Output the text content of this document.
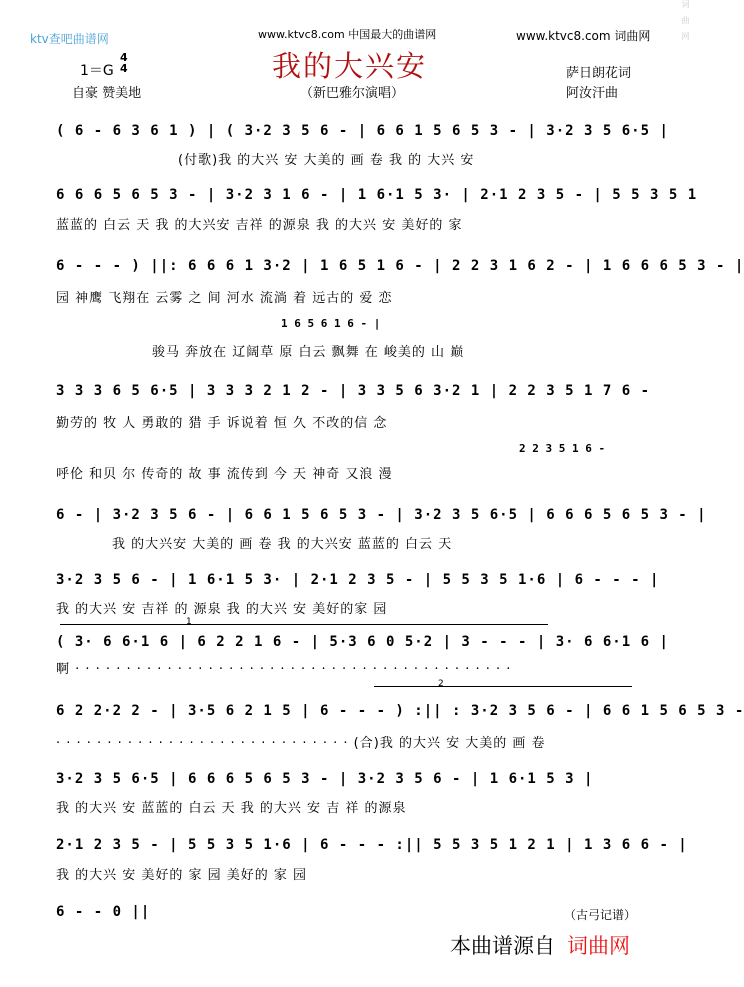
词曲网
ktv查吧曲谱网	www.ktvc8.com 中国最大的曲谱网	www.ktvc8.com 词曲网
我的大兴安
1＝G
4
4
自豪 赞美地	（新巴雅尔演唱）
萨日朗花词
阿汝汗曲
( 6 - 6 3 6 1 ) | ( 3·2 3 5 6 - | 6 6 1 5 6 5 3 - | 3·2 3 5 6·5 |
(付歌)我 的大兴 安 大美的 画 卷 我 的 大兴 安
6 6 6 5 6 5 3 - | 3·2 3 1 6 - | 1 6·1 5 3· | 2·1 2 3 5 - | 5 5 3 5 1
蓝蓝的 白云 天 我 的大兴安 吉祥 的源泉 我 的大兴 安 美好的 家
6 - - - ) ||: 6 6 6 1 3·2 | 1 6 5 1 6 - | 2 2 3 1 6 2 - | 1 6 6 6 5 3 - |
园 神鹰 飞翔在 云雾 之 间 河水 流淌 着 远古的 爱 恋
1 6 5 6 1 6 - |
骏马 奔放在 辽阔草 原 白云 飘舞 在 峻美的 山 巅
3 3 3 6 5 6·5 | 3 3 3 2 1 2 - | 3 3 5 6 3·2 1 | 2 2 3 5 1 7 6 -
勤劳的 牧 人 勇敢的 猎 手 诉说着 恒 久 不改的信 念
2 2 3 5 1 6 -
呼伦 和贝 尔 传奇的 故 事 流传到 今 天 神奇 又浪 漫
6 - | 3·2 3 5 6 - | 6 6 1 5 6 5 3 - | 3·2 3 5 6·5 | 6 6 6 5 6 5 3 - |
我 的大兴安 大美的 画 卷 我 的大兴安 蓝蓝的 白云 天
3·2 3 5 6 - | 1 6·1 5 3· | 2·1 2 3 5 - | 5 5 3 5 1·6 | 6 - - - |
我 的大兴 安 吉祥 的 源泉 我 的大兴 安 美好的家 园
1
( 3· 6 6·1 6 | 6 2 2 1 6 - | 5·3 6 0 5·2 | 3 - - - | 3· 6 6·1 6 |
啊 · · · · · · · · · · · · · · · · · · · · · · · · · · · · · · · · · · · · · · · · · · ·
2
6 2 2·2 2 - | 3·5 6 2 1 5 | 6 - - - ) :|| : 3·2 3 5 6 - | 6 6 1 5 6 5 3 -
· · · · · · · · · · · · · · · · · · · · · · · · · · · · · (合)我 的大兴 安 大美的 画 卷
3·2 3 5 6·5 | 6 6 6 5 6 5 3 - | 3·2 3 5 6 - | 1 6·1 5 3 |
我 的大兴 安 蓝蓝的 白云 天 我 的大兴 安 吉 祥 的源泉
2·1 2 3 5 - | 5 5 3 5 1·6 | 6 - - - :|| 5 5 3 5 1 2 1 | 1 3 6 6 - |
我 的大兴 安 美好的 家 园 美好的 家 园
6 - - 0 ||	（古弓记谱）
本曲谱源自 词曲网
